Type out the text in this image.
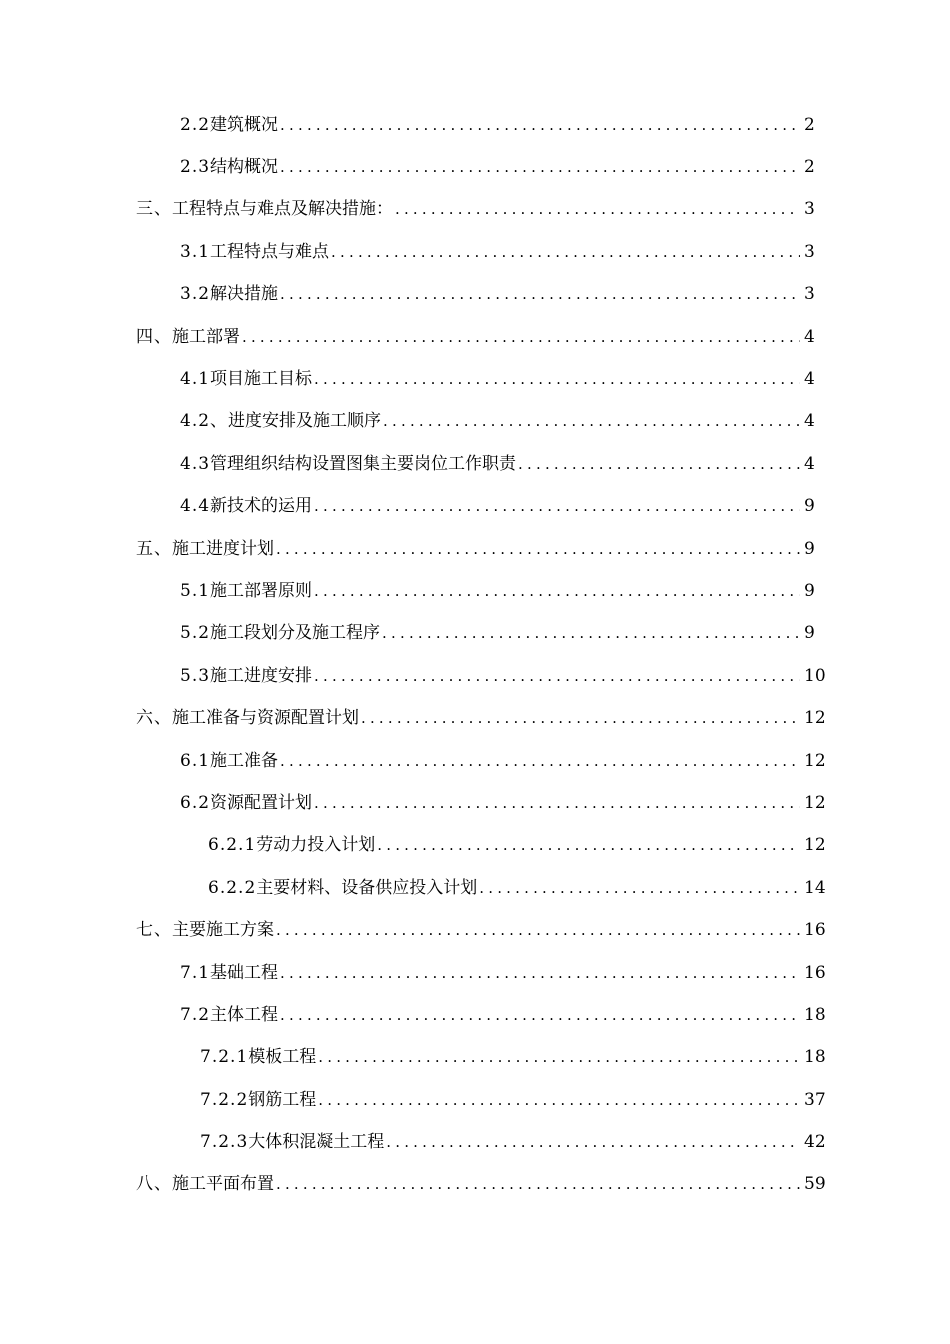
2.2 建筑概况 .....	2
2.3 结构概况 .....	2
三、 工程特点与难点及解决措施： .....	3
3.1 工程特点与难点 .....	3
3.2 解决措施 .....	3
四、 施工部署 .....	4
4.1 项目施工目标 .....	4
4.2、 进度安排及施工顺序 .....	4
4.3 管理组织结构设置图集主要岗位工作职责 .....	4
4.4 新技术的运用 .....	9
五、 施工进度计划 .....	9
5.1 施工部署原则 .....	9
5.2 施工段划分及施工程序 .....	9
5.3 施工进度安排 .....	10
六、 施工准备与资源配置计划 .....	12
6.1 施工准备 .....	12
6.2 资源配置计划 .....	12
6.2.1 劳动力投入计划 .....	12
6.2.2 主要材料、设备供应投入计划 .....	14
七、 主要施工方案 .....	16
7.1 基础工程 .....	16
7.2 主体工程 .....	18
7.2.1 模板工程 .....	18
7.2.2 钢筋工程 .....	37
7.2.3 大体积混凝土工程 .....	42
八、 施工平面布置 .....	59
